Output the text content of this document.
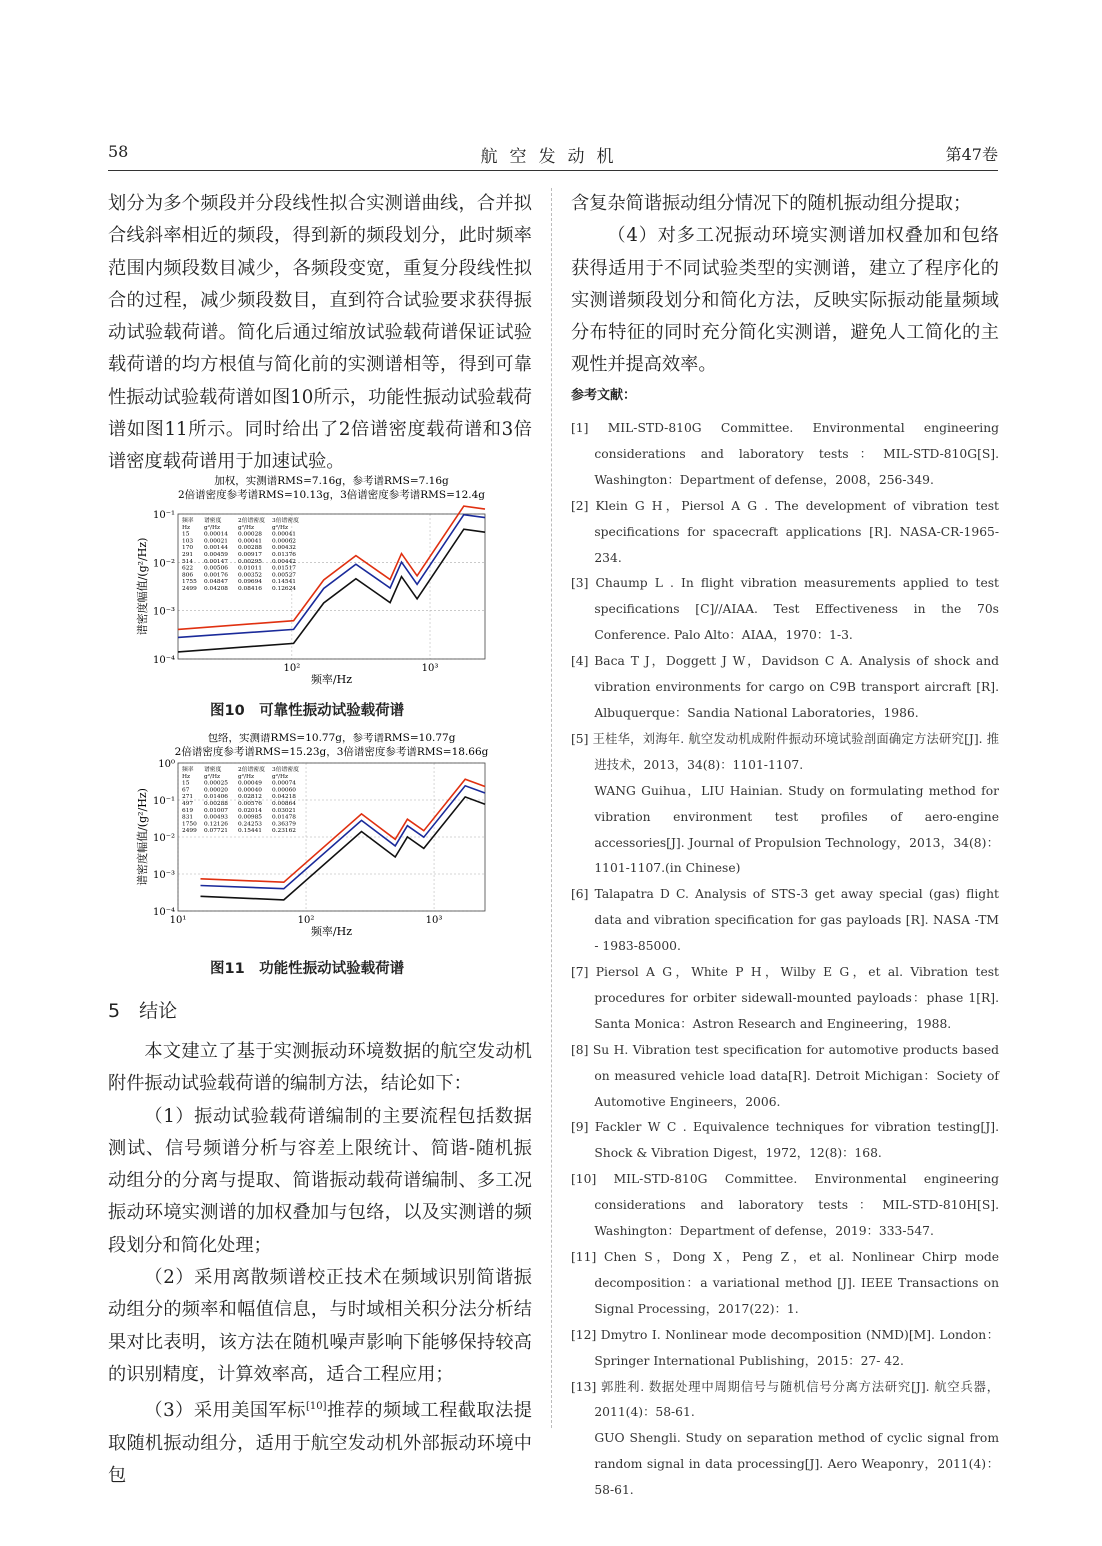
58	航空发动机	第47卷

划分为多个频段并分段线性拟合实测谱曲线，合并拟合线斜率相近的频段，得到新的频段划分，此时频率范围内频段数目减少，各频段变宽，重复分段线性拟合的过程，减少频段数目，直到符合试验要求获得振动试验载荷谱。简化后通过缩放试验载荷谱保证试验载荷谱的均方根值与简化前的实测谱相等，得到可靠性振动试验载荷谱如图10所示，功能性振动试验载荷谱如图11所示。同时给出了2倍谱密度载荷谱和3倍谱密度载荷谱用于加速试验。

加权，实测谱RMS=7.16g，参考谱RMS=7.16g
2倍谱密度参考谱RMS=10.13g，3倍谱密度参考谱RMS=12.4g
10⁻¹
10⁻²
10⁻³
10⁻⁴
10²	10³
频率/Hz
谱密度幅值/(g²/Hz)
频率 谱密度	2倍谱密度 3倍谱密度
Hz g²/Hz	g²/Hz	g²/Hz
15	0.00014 0.00028 0.00041
103 0.00021 0.00041 0.00062
170 0.00144 0.00288 0.00432
291 0.00459 0.00917 0.01376
514 0.00147 0.00295 0.00442
622 0.00506 0.01011 0.01517
806 0.00176 0.00352 0.00527
1755 0.04847 0.09694 0.14541
2499 0.04208 0.08416 0.12624
图10　可靠性振动试验载荷谱
包络，实测谱RMS=10.77g，参考谱RMS=10.77g
2倍谱密度参考谱RMS=15.23g，3倍谱密度参考谱RMS=18.66g
10⁰
10⁻¹
10⁻²
10⁻³
10⁻⁴
10¹	10²	10³
频率/Hz
谱密度幅值/(g²/Hz)
频率 谱密度	2倍谱密度 3倍谱密度
Hz g²/Hz	g²/Hz	g²/Hz
15	0.00025 0.00049 0.00074
67	0.00020 0.00040 0.00060
271 0.01406 0.02812 0.04218
497 0.00288 0.00576 0.00864
619 0.01007 0.02014 0.03021
831 0.00493 0.00985 0.01478
1750 0.12126 0.24253 0.36379
2499 0.07721 0.15441 0.23162
图11　功能性振动试验载荷谱
5　结论

本文建立了基于实测振动环境数据的航空发动机附件振动试验载荷谱的编制方法，结论如下：

（1）振动试验载荷谱编制的主要流程包括数据测试、信号频谱分析与容差上限统计、简谐-随机振动组分的分离与提取、简谐振动载荷谱编制、多工况振动环境实测谱的加权叠加与包络，以及实测谱的频段划分和简化处理；

（2）采用离散频谱校正技术在频域识别简谐振动组分的频率和幅值信息，与时域相关积分法分析结果对比表明，该方法在随机噪声影响下能够保持较高的识别精度，计算效率高，适合工程应用；

（3）采用美国军标[10]推荐的频域工程截取法提取随机振动组分，适用于航空发动机外部振动环境中包

含复杂简谐振动组分情况下的随机振动组分提取；

（4）对多工况振动环境实测谱加权叠加和包络获得适用于不同试验类型的实测谱，建立了程序化的实测谱频段划分和简化方法，反映实际振动能量频域分布特征的同时充分简化实测谱，避免人工简化的主观性并提高效率。

参考文献：

[1] MIL-STD-810G Committee. Environmental engineering considerations and laboratory tests：MIL-STD-810G[S]. Washington：Department of defense，2008，256-349.

[2] Klein G H，Piersol A G . The development of vibration test specifications for spacecraft applications [R]. NASA-CR-1965-234.

[3] Chaump L . In flight vibration measurements applied to test specifications [C]//AIAA. Test Effectiveness in the 70s Conference. Palo Alto：AIAA，1970：1-3.

[4] Baca T J，Doggett J W，Davidson C A. Analysis of shock and vibration environments for cargo on C9B transport aircraft [R]. Albuquerque：Sandia National Laboratories，1986.

[5] 王桂华，刘海年. 航空发动机成附件振动环境试验剖面确定方法研究[J]. 推进技术，2013，34(8)：1101-1107.

WANG Guihua，LIU Hainian. Study on formulating method for vibration environment test profiles of aero-engine accessories[J]. Journal of Propulsion Technology，2013，34(8)：1101-1107.(in Chinese)

[6] Talapatra D C. Analysis of STS-3 get away special (gas) flight data and vibration specification for gas payloads [R]. NASA -TM - 1983-85000.

[7] Piersol A G，White P H，Wilby E G，et al. Vibration test procedures for orbiter sidewall-mounted payloads：phase 1[R]. Santa Monica：Astron Research and Engineering，1988.

[8] Su H. Vibration test specification for automotive products based on measured vehicle load data[R]. Detroit Michigan：Society of Automotive Engineers，2006.

[9] Fackler W C . Equivalence techniques for vibration testing[J]. Shock & Vibration Digest，1972，12(8)：168.

[10] MIL-STD-810G Committee. Environmental engineering considerations and laboratory tests：MIL-STD-810H[S]. Washington：Department of defense，2019：333-547.

[11] Chen S，Dong X，Peng Z，et al. Nonlinear Chirp mode decomposition：a variational method [J]. IEEE Transactions on Signal Processing，2017(22)：1.

[12] Dmytro I. Nonlinear mode decomposition (NMD)[M]. London：Springer International Publishing，2015：27- 42.

[13] 郭胜利. 数据处理中周期信号与随机信号分离方法研究[J]. 航空兵器，2011(4)：58-61.

GUO Shengli. Study on separation method of cyclic signal from random signal in data processing[J]. Aero Weaponry，2011(4)：58-61.
